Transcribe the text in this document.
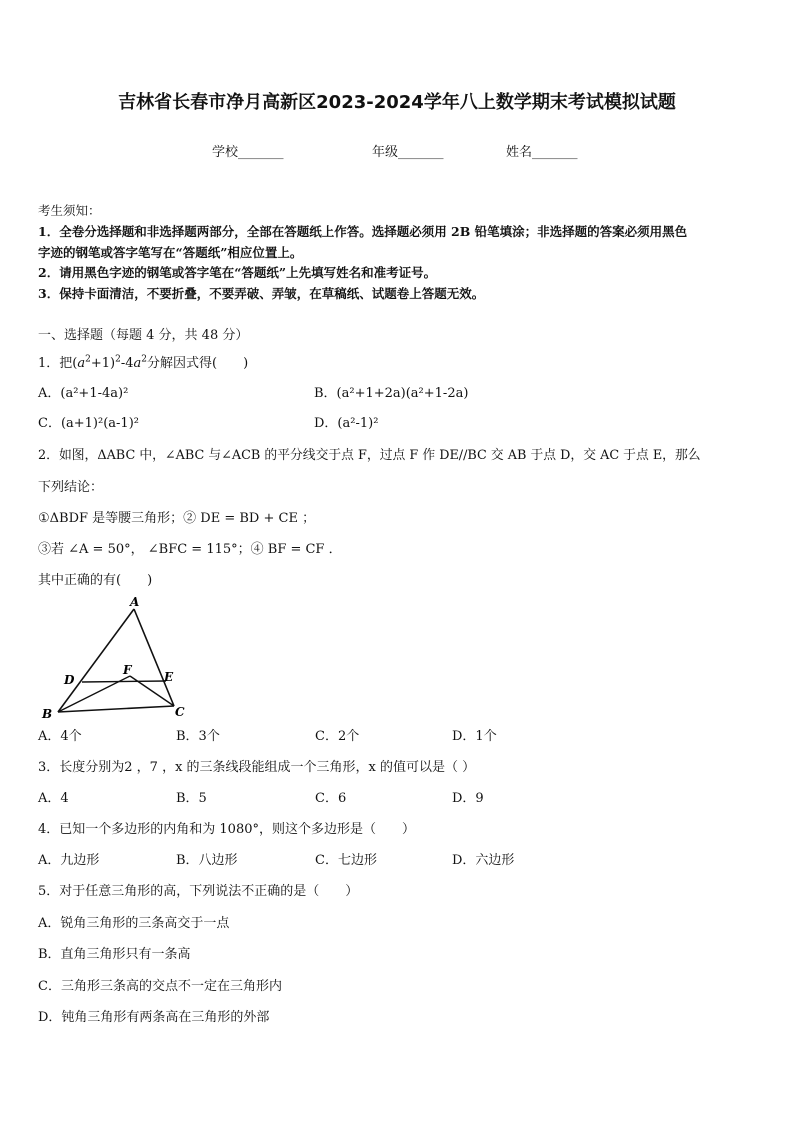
吉林省长春市净月高新区2023-2024学年八上数学期末考试模拟试题
学校_______	年级_______	姓名_______
考生须知：
1．全卷分选择题和非选择题两部分，全部在答题纸上作答。选择题必须用 2B 铅笔填涂；非选择题的答案必须用黑色
字迹的钢笔或答字笔写在“答题纸”相应位置上。
2．请用黑色字迹的钢笔或答字笔在“答题纸”上先填写姓名和准考证号。
3．保持卡面清洁，不要折叠，不要弄破、弄皱，在草稿纸、试题卷上答题无效。
一、选择题（每题 4 分，共 48 分）
1．把$(a^2+1)^2-4a^2$分解因式得(　　)
A．(a²+1-4a)²	B．(a²+1+2a)(a²+1-2a)
C．(a+1)²(a-1)²	D．(a²-1)²
2．如图，ΔABC 中，∠ABC 与∠ACB 的平分线交于点 F，过点 F 作 DE//BC 交 AB 于点 D，交 AC 于点 E，那么
下列结论：
①ΔBDF 是等腰三角形；② DE = BD + CE ；
③若 ∠A = 50°， ∠BFC = 115°；④ BF = CF ．
其中正确的有(　　)
A
B	C
D	E
F
A．4个	B．3个	C．2个	D．1个
3．长度分别为2 ，7 ，x 的三条线段能组成一个三角形，x 的值可以是（ ）
A．4	B．5	C．6	D．9
4．已知一个多边形的内角和为 1080°，则这个多边形是（　　）
A．九边形	B．八边形	C．七边形	D．六边形
5．对于任意三角形的高，下列说法不正确的是（　　）
A．锐角三角形的三条高交于一点
B．直角三角形只有一条高
C．三角形三条高的交点不一定在三角形内
D．钝角三角形有两条高在三角形的外部
